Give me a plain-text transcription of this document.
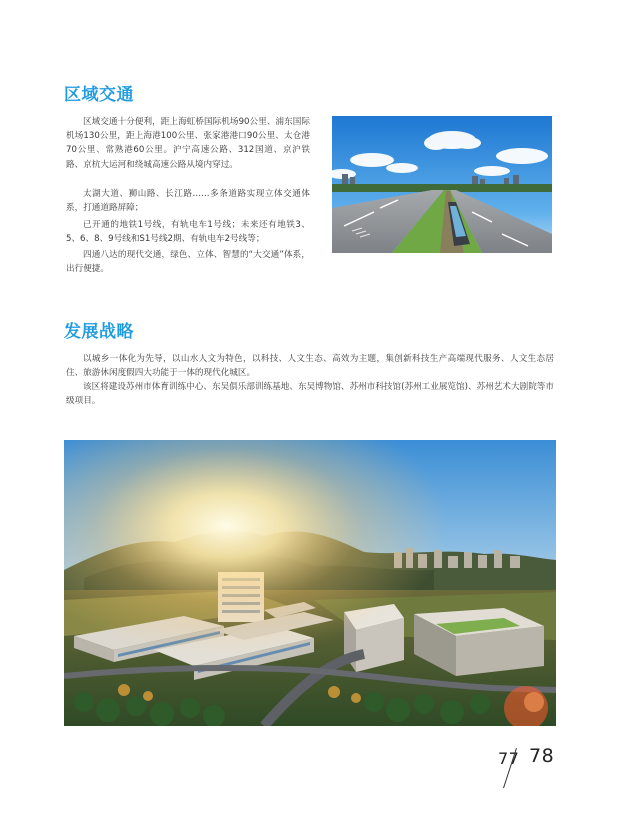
区域交通

区域交通十分便利，距上海虹桥国际机场90公里、浦东国际机场130公里，距上海港100公里、张家港港口90公里、太仓港70公里、常熟港60公里。沪宁高速公路、312国道、京沪铁路、京杭大运河和绕城高速公路从境内穿过。

太湖大道、狮山路、长江路……多条道路实现立体交通体系，打通道路屏障；

已开通的地铁1号线，有轨电车1号线；未来还有地铁3、5、6、8、9号线和S1号线2期、有轨电车2号线等；

四通八达的现代交通，绿色、立体、智慧的“大交通”体系，出行便捷。

发展战略

以城乡一体化为先导，以山水人文为特色，以科技、人文生态、高效为主题，集创新科技生产高端现代服务、人文生态居住、旅游休闲度假四大功能于一体的现代化城区。

该区将建设苏州市体育训练中心、东吴俱乐部训练基地、东吴博物馆、苏州市科技馆(苏州工业展览馆)、苏州艺术大剧院等市级项目。

77 78
